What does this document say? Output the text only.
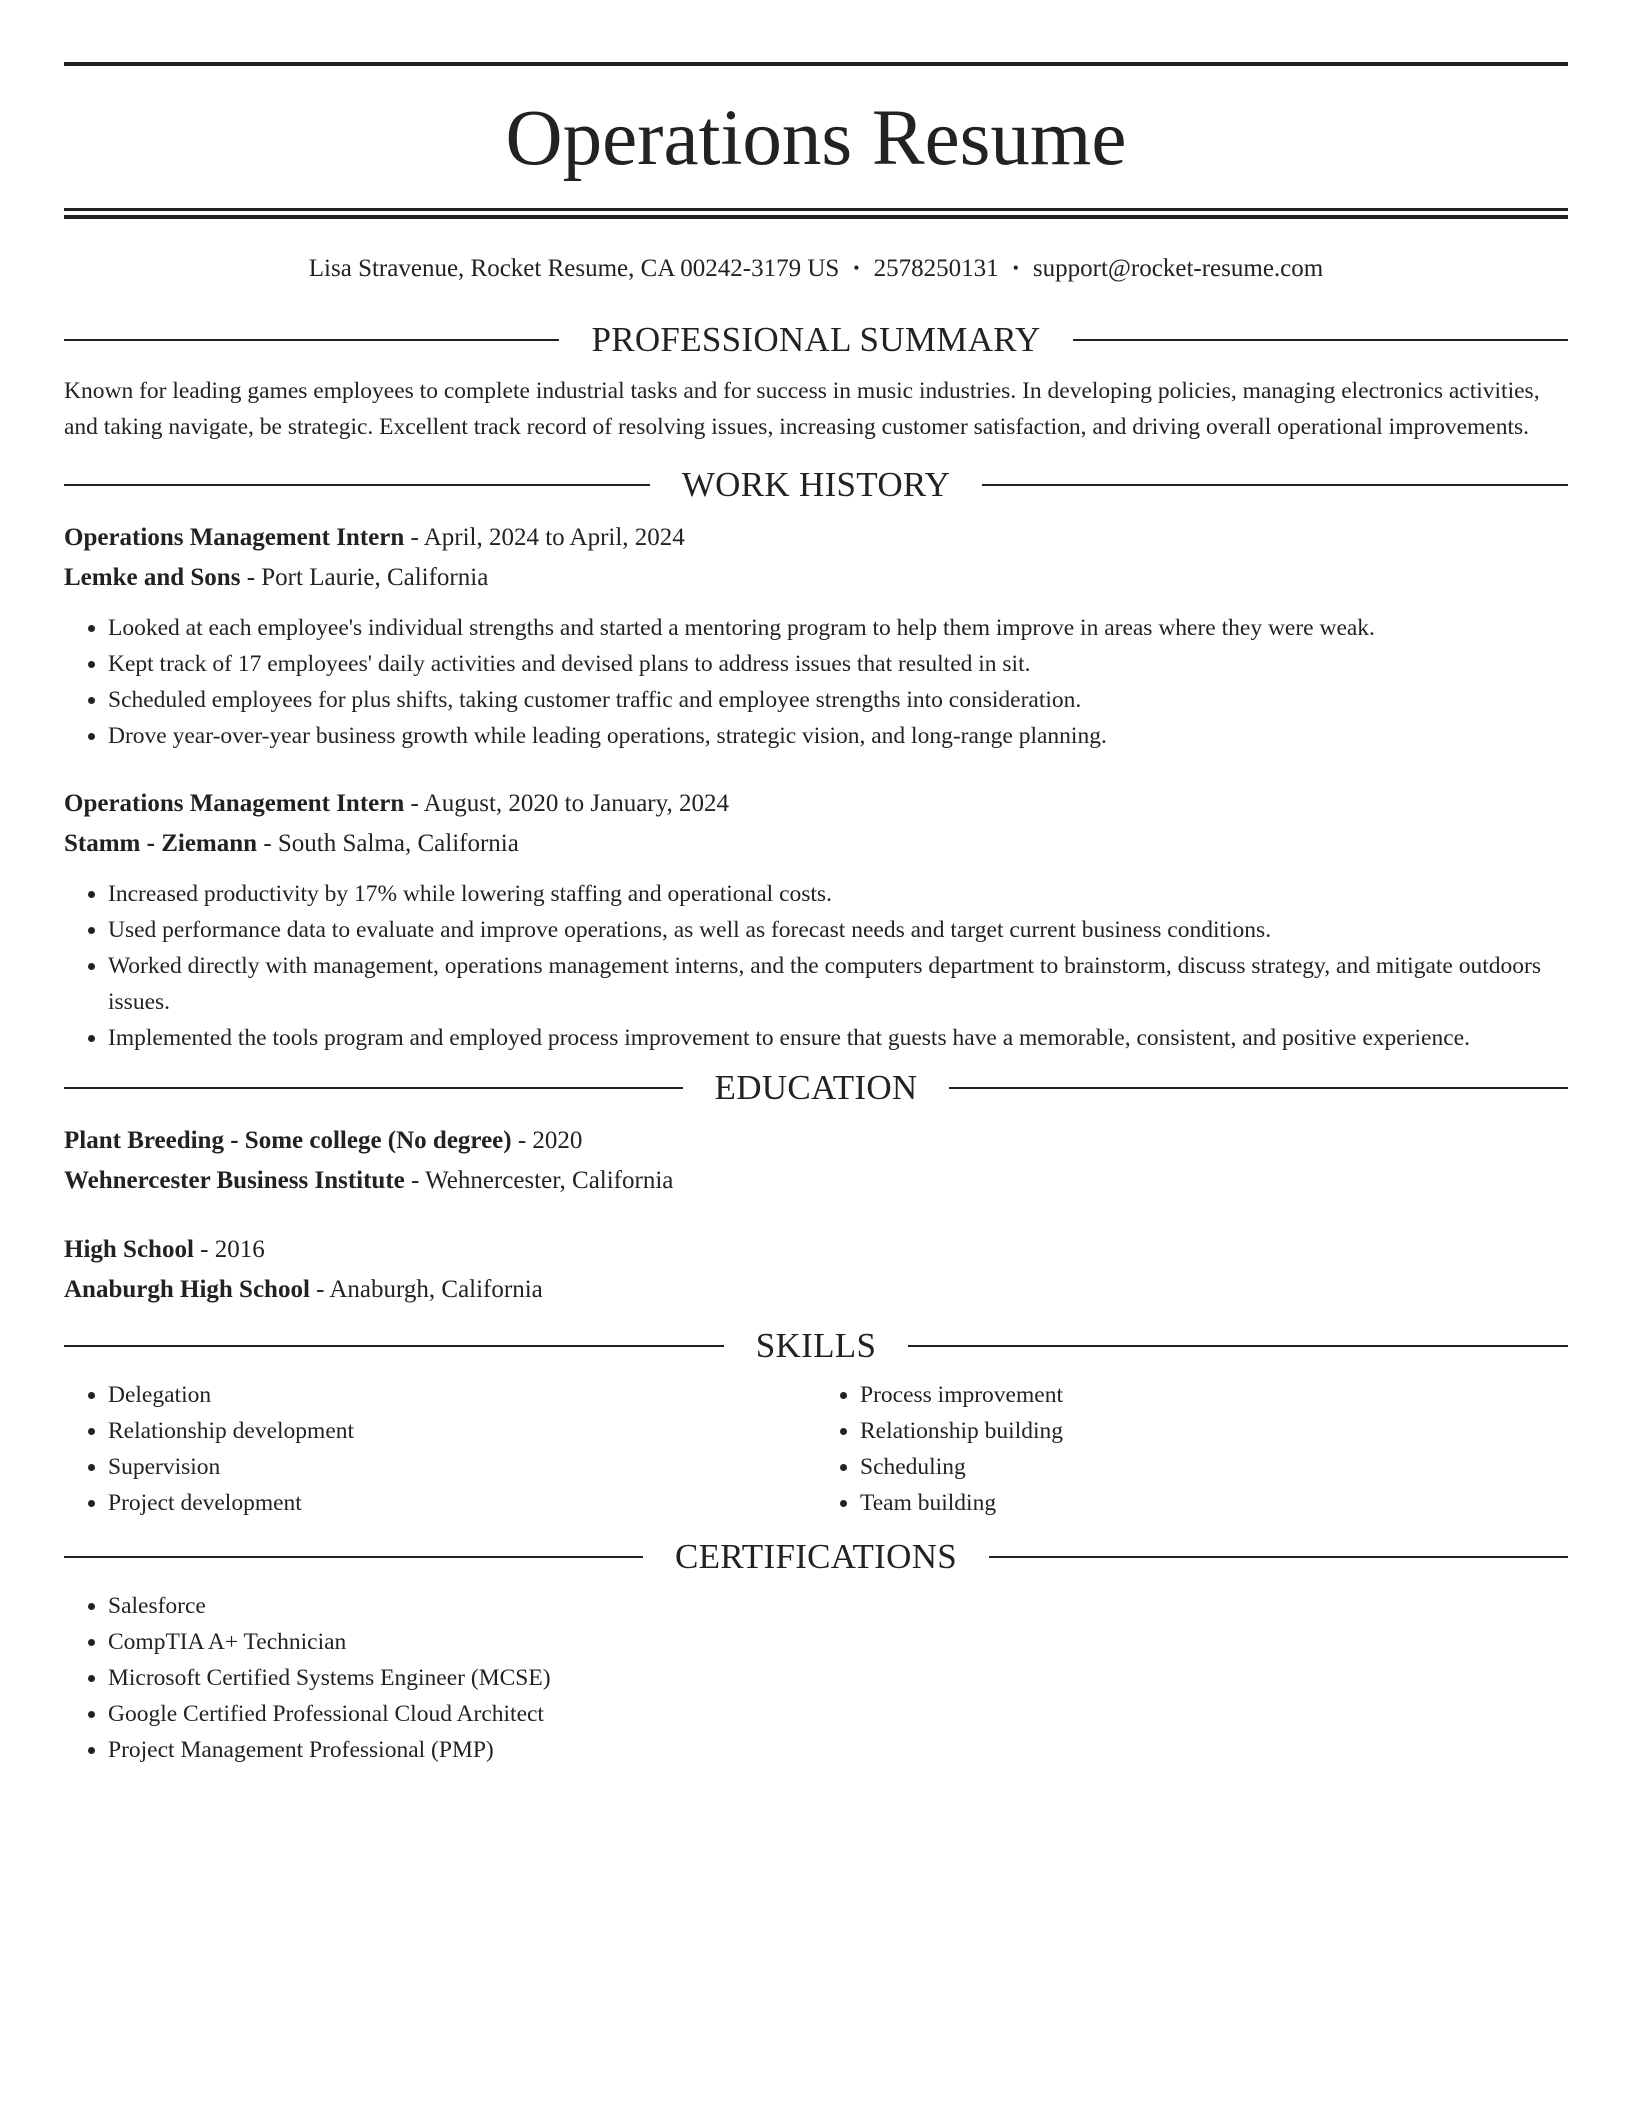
Operations Resume
Lisa Stravenue, Rocket Resume, CA 00242-3179 US • 2578250131 • support@rocket-resume.com
PROFESSIONAL SUMMARY

Known for leading games employees to complete industrial tasks and for success in music industries. In developing policies, managing electronics activities, and taking navigate, be strategic. Excellent track record of resolving issues, increasing customer satisfaction, and driving overall operational improvements.

WORK HISTORY
Operations Management Intern - April, 2024 to April, 2024
Lemke and Sons - Port Laurie, California
• Looked at each employee's individual strengths and started a mentoring program to help them improve in areas where they were weak.
• Kept track of 17 employees' daily activities and devised plans to address issues that resulted in sit.
• Scheduled employees for plus shifts, taking customer traffic and employee strengths into consideration.
• Drove year-over-year business growth while leading operations, strategic vision, and long-range planning.
Operations Management Intern - August, 2020 to January, 2024
Stamm - Ziemann - South Salma, California
• Increased productivity by 17% while lowering staffing and operational costs.
• Used performance data to evaluate and improve operations, as well as forecast needs and target current business conditions.
• Worked directly with management, operations management interns, and the computers department to brainstorm, discuss strategy, and mitigate outdoors issues.
• Implemented the tools program and employed process improvement to ensure that guests have a memorable, consistent, and positive experience.
EDUCATION
Plant Breeding - Some college (No degree) - 2020
Wehnercester Business Institute - Wehnercester, California
High School - 2016
Anaburgh High School - Anaburgh, California
SKILLS
• Delegation
• Relationship development
• Supervision
• Project development
• Process improvement
• Relationship building
• Scheduling
• Team building
CERTIFICATIONS
• Salesforce
• CompTIA A+ Technician
• Microsoft Certified Systems Engineer (MCSE)
• Google Certified Professional Cloud Architect
• Project Management Professional (PMP)
